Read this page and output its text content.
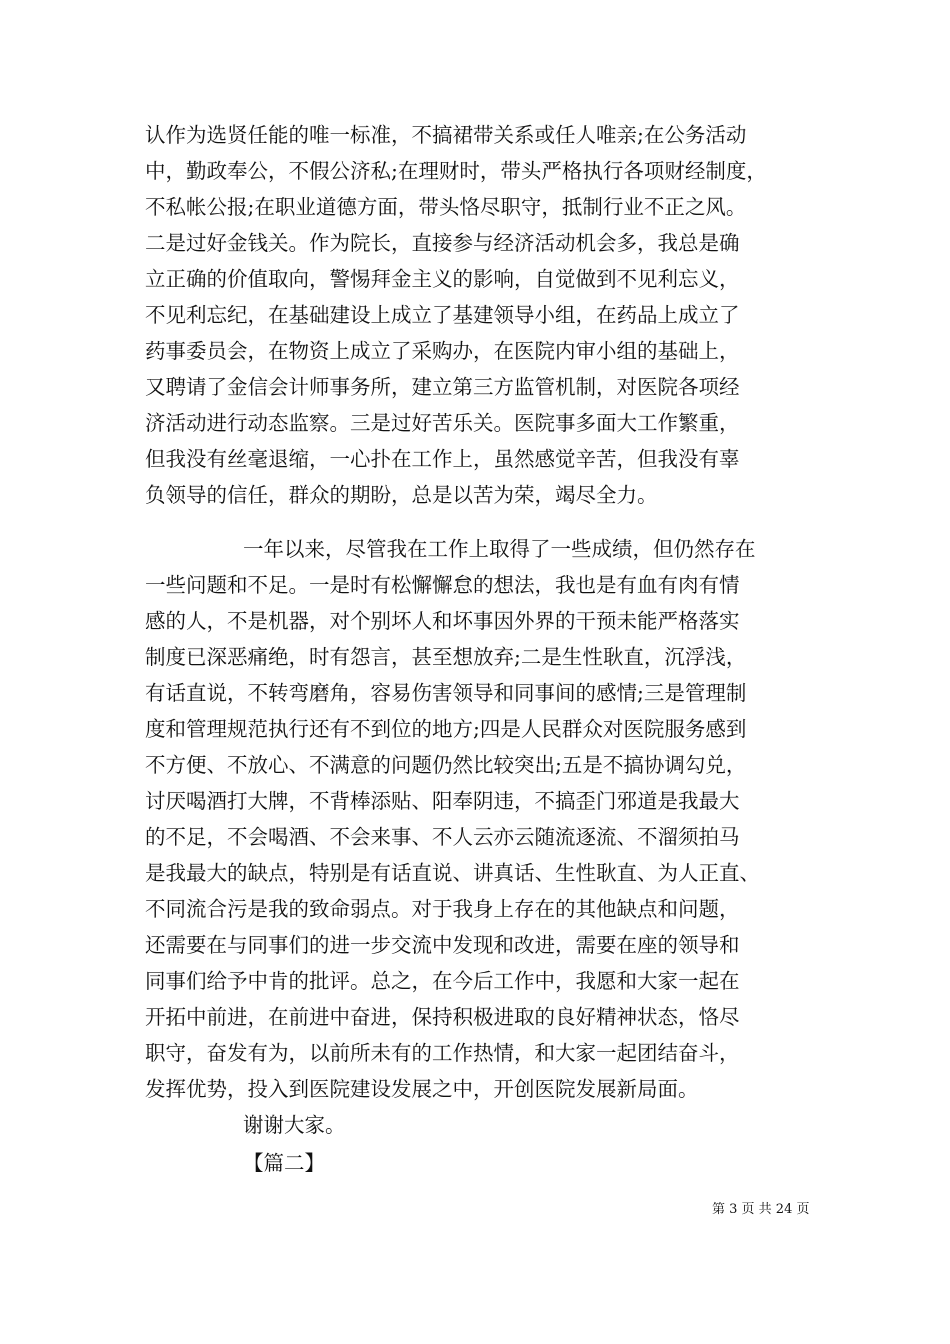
认作为选贤任能的唯一标准，不搞裙带关系或任人唯亲;在公务活动
中，勤政奉公，不假公济私;在理财时，带头严格执行各项财经制度，
不私帐公报;在职业道德方面，带头恪尽职守，抵制行业不正之风。
二是过好金钱关。作为院长，直接参与经济活动机会多，我总是确
立正确的价值取向，警惕拜金主义的影响，自觉做到不见利忘义，
不见利忘纪，在基础建设上成立了基建领导小组，在药品上成立了
药事委员会，在物资上成立了采购办，在医院内审小组的基础上，
又聘请了金信会计师事务所，建立第三方监管机制，对医院各项经
济活动进行动态监察。三是过好苦乐关。医院事多面大工作繁重，
但我没有丝毫退缩，一心扑在工作上，虽然感觉辛苦，但我没有辜
负领导的信任，群众的期盼，总是以苦为荣，竭尽全力。
一年以来，尽管我在工作上取得了一些成绩，但仍然存在
一些问题和不足。一是时有松懈懈怠的想法，我也是有血有肉有情
感的人，不是机器，对个别坏人和坏事因外界的干预未能严格落实
制度已深恶痛绝，时有怨言，甚至想放弃;二是生性耿直，沉浮浅，
有话直说，不转弯磨角，容易伤害领导和同事间的感情;三是管理制
度和管理规范执行还有不到位的地方;四是人民群众对医院服务感到
不方便、不放心、不满意的问题仍然比较突出;五是不搞协调勾兑，
讨厌喝酒打大牌，不背棒添贴、阳奉阴违，不搞歪门邪道是我最大
的不足，不会喝酒、不会来事、不人云亦云随流逐流、不溜须拍马
是我最大的缺点，特别是有话直说、讲真话、生性耿直、为人正直、
不同流合污是我的致命弱点。对于我身上存在的其他缺点和问题，
还需要在与同事们的进一步交流中发现和改进，需要在座的领导和
同事们给予中肯的批评。总之，在今后工作中，我愿和大家一起在
开拓中前进，在前进中奋进，保持积极进取的良好精神状态，恪尽
职守，奋发有为，以前所未有的工作热情，和大家一起团结奋斗，
发挥优势，投入到医院建设发展之中，开创医院发展新局面。
谢谢大家。
【篇二】
第 3 页 共 24 页
